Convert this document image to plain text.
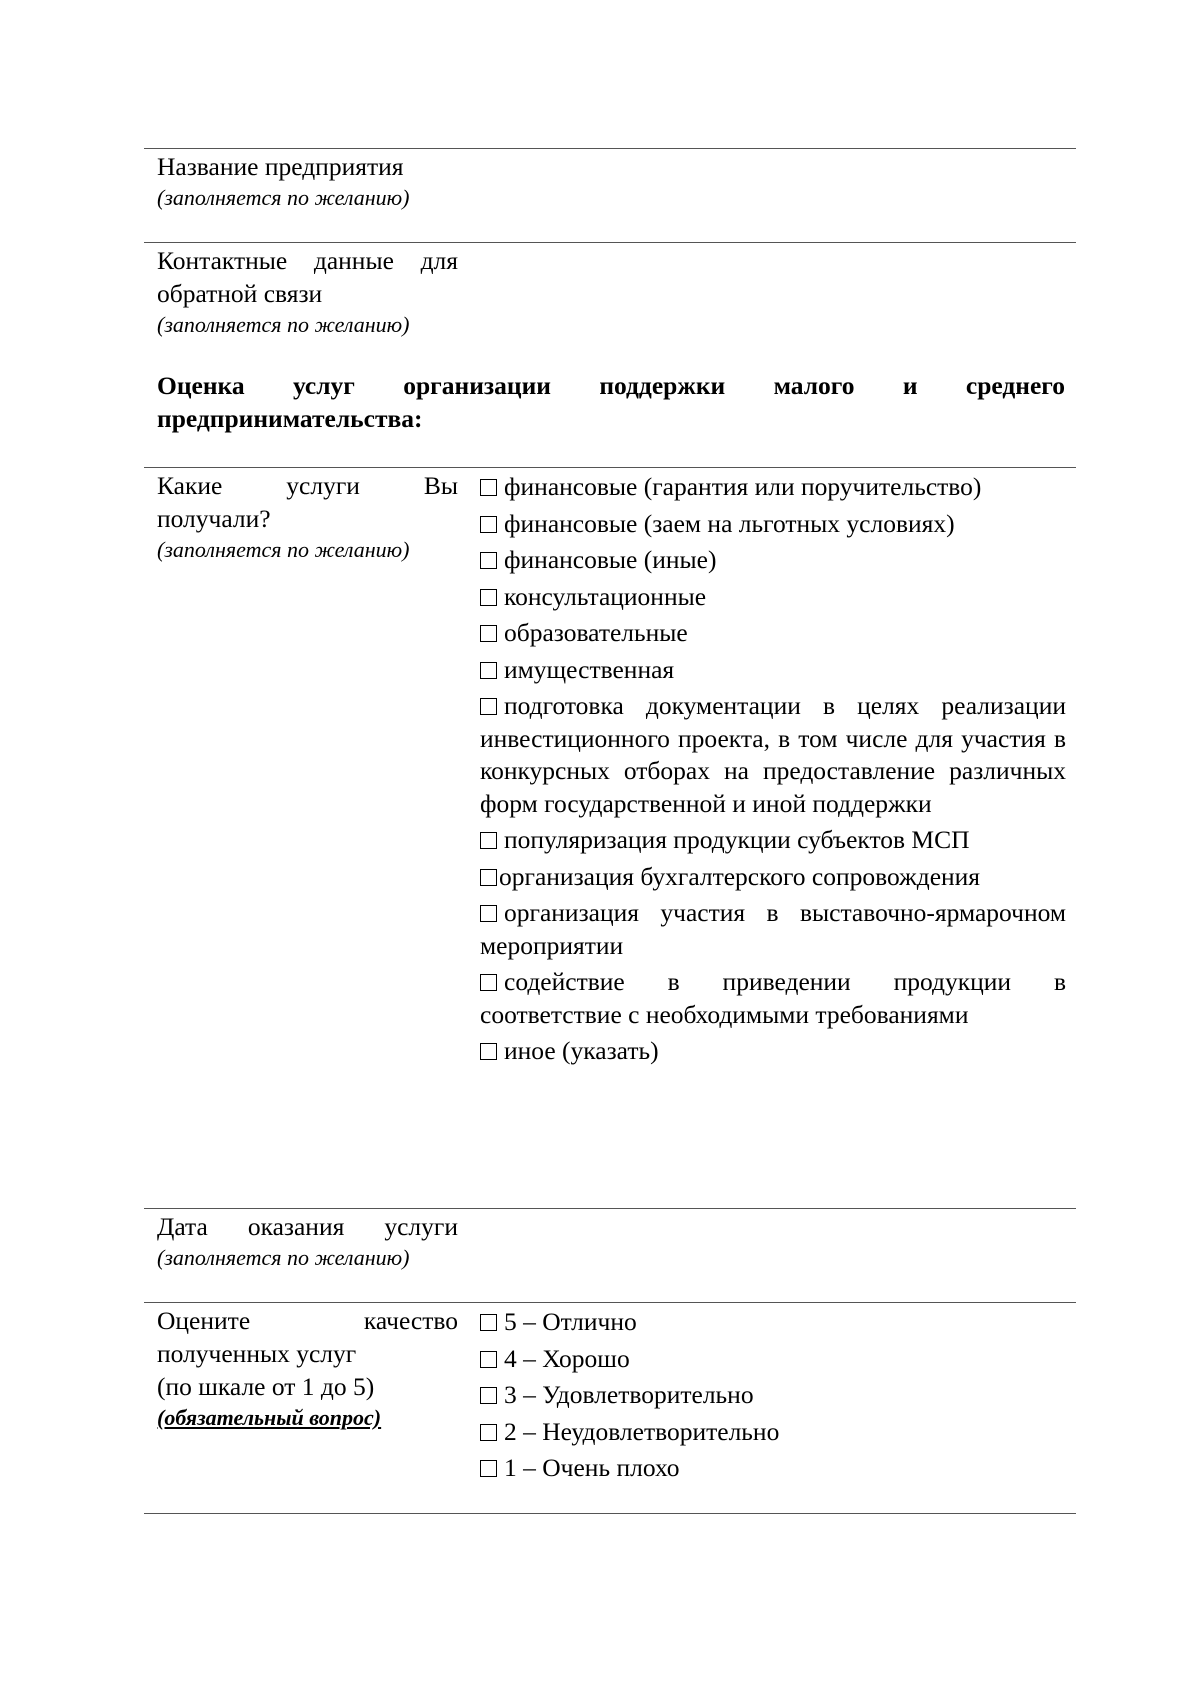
Название предприятия
(заполняется по желанию)
Контактные данные для обратной связи
(заполняется по желанию)
Оценка услуг организации поддержки малого и среднего предпринимательства:
Какие услуги Вы получали?
(заполняется по желанию)
финансовые (гарантия или поручительство)
финансовые (заем на льготных условиях)
финансовые (иные)
консультационные
образовательные
имущественная
подготовка документации в целях реализации инвестиционного проекта, в том числе для участия в конкурсных отборах на предоставление различных форм государственной и иной поддержки
популяризация продукции субъектов МСП
организация бухгалтерского сопровождения
организация участия в выставочно-ярмарочном мероприятии
содействие в приведении продукции в соответствие с необходимыми требованиями
иное (указать)
Дата оказания услуги
(заполняется по желанию)
Оцените качество полученных услуг
(по шкале от 1 до 5)
(обязательный вопрос)
5 – Отлично
4 – Хорошо
3 – Удовлетворительно
2 – Неудовлетворительно
1 – Очень плохо
